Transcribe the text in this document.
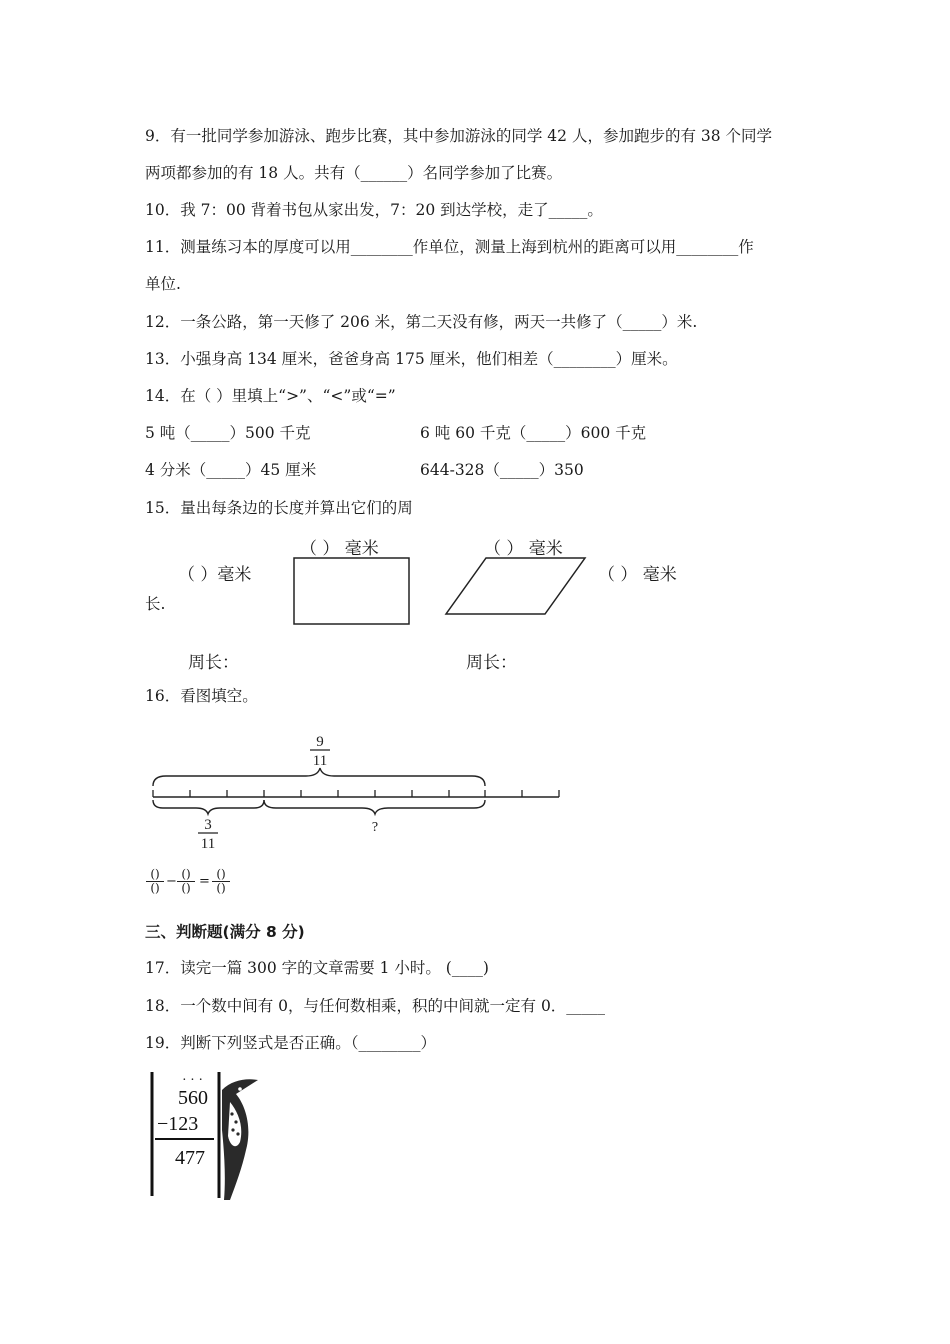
9．有一批同学参加游泳、跑步比赛，其中参加游泳的同学 42 人，参加跑步的有 38 个同学
两项都参加的有 18 人。共有（______）名同学参加了比赛。
10．我 7：00 背着书包从家出发，7：20 到达学校，走了_____。
11．测量练习本的厚度可以用________作单位，测量上海到杭州的距离可以用________作
单位.
12．一条公路，第一天修了 206 米，第二天没有修，两天一共修了（_____）米.
13．小强身高 134 厘米，爸爸身高 175 厘米，他们相差（________）厘米。
14．在（ ）里填上“>”、“<”或“=”
5 吨（_____）500 千克	6 吨 60 千克（_____）600 千克
4 分米（_____）45 厘米	644-328（_____）350
15．量出每条边的长度并算出它们的周
（ ） 毫米
（ ）毫米
（ ） 毫米
（ ） 毫米
长.
周长：	周长：
16．看图填空。
9
11
3
11
?
()
() − ()
() = ()
()
三、判断题(满分 8 分)
17．读完一篇 300 字的文章需要 1 小时。 (____)
18．一个数中间有 0，与任何数相乘，积的中间就一定有 0．_____
19．判断下列竖式是否正确。（________）
· · ·
560
−123
477
